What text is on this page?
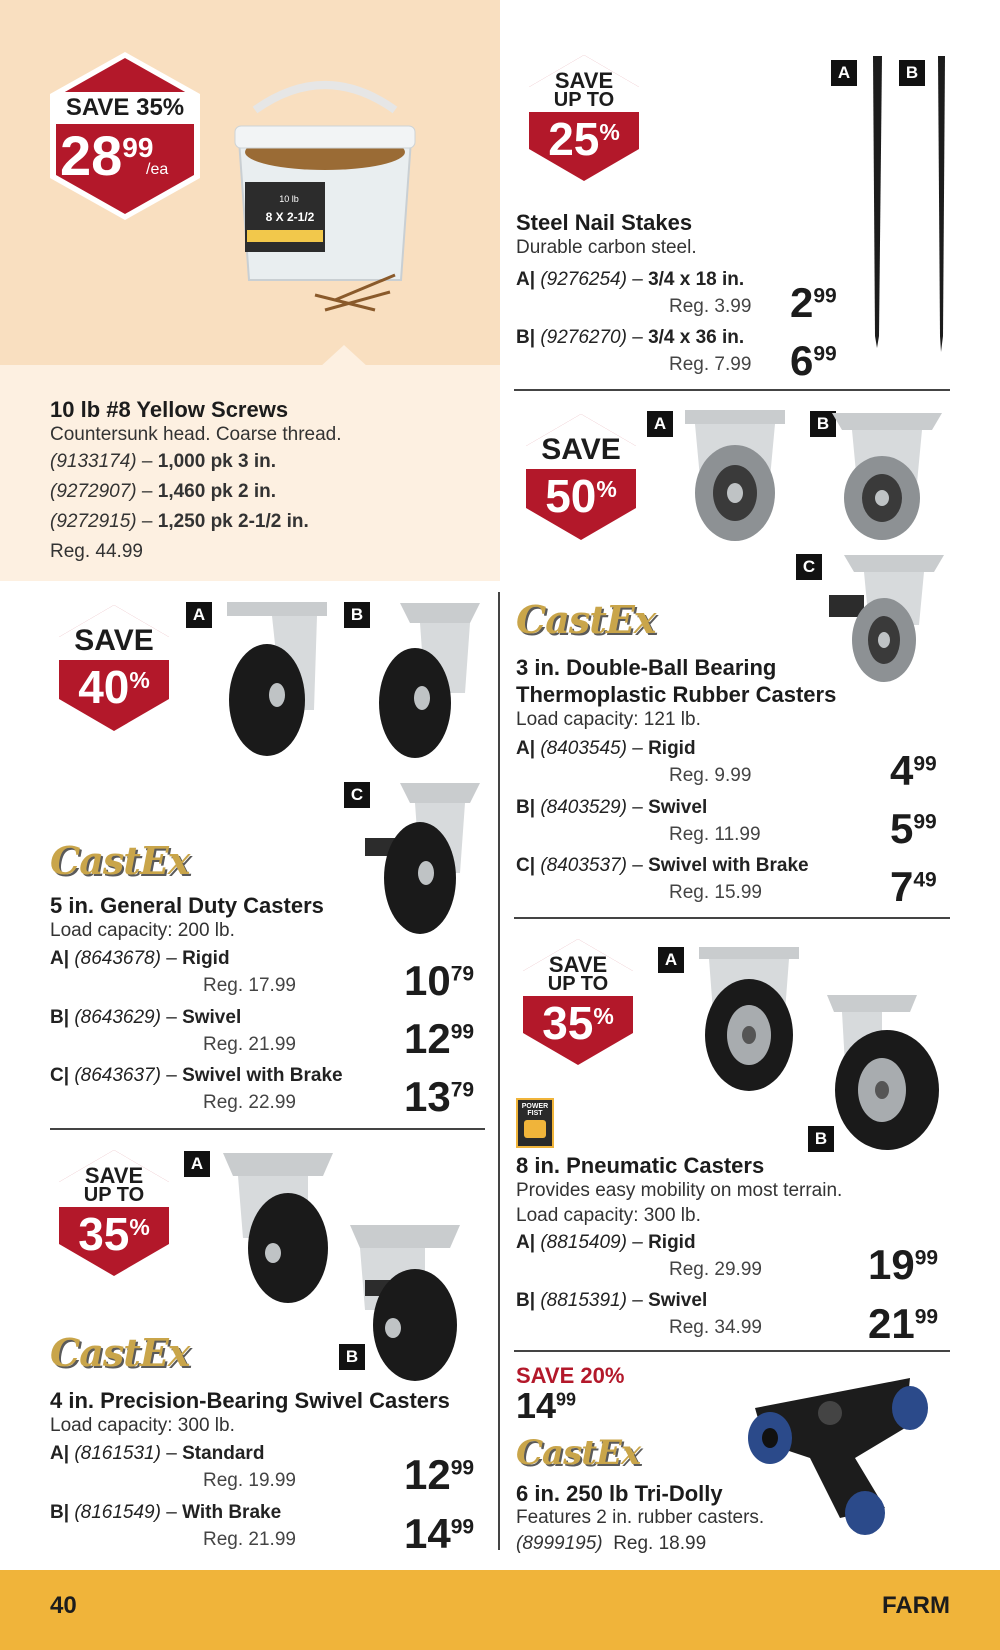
SAVE 35%
$28^{99}$
/ea
10 lb
8 X 2-1/2
10 lb #8 Yellow Screws
Countersunk head. Coarse thread.
(9133174) – 1,000 pk 3 in.
(9272907) – 1,460 pk 2 in.
(9272915) – 1,250 pk 2-1/2 in.
Reg. 44.99
SAVE
UP TO
25%
A	B
Steel Nail Stakes
Durable carbon steel.
A| (9276254) – 3/4 x 18 in.
Reg. 3.99 $2^{99}$
B| (9276270) – 3/4 x 36 in.
Reg. 7.99 $6^{99}$
SAVE
50%
A	B
C
CastEx
3 in. Double-Ball Bearing
Thermoplastic Rubber Casters
Load capacity: 121 lb.
A| (8403545) – Rigid
Reg. 9.99	$4^{99}$
B| (8403529) – Swivel
Reg. 11.99	$5^{99}$
C| (8403537) – Swivel with Brake
Reg. 15.99	$7^{49}$
SAVE
40%
A	B
C
CastEx
5 in. General Duty Casters
Load capacity: 200 lb.
A| (8643678) – Rigid
Reg. 17.99	$10^{79}$
B| (8643629) – Swivel
Reg. 21.99	$12^{99}$
C| (8643637) – Swivel with Brake
Reg. 22.99	$13^{79}$
SAVE
UP TO
35%
A
B
POWER
FIST
8 in. Pneumatic Casters
Provides easy mobility on most terrain.
Load capacity: 300 lb.
A| (8815409) – Rigid
Reg. 29.99	$19^{99}$
B| (8815391) – Swivel
Reg. 34.99	$21^{99}$
SAVE
UP TO
35%
A
B
CastEx
4 in. Precision-Bearing Swivel Casters
Load capacity: 300 lb.
A| (8161531) – Standard
Reg. 19.99	$12^{99}$
B| (8161549) – With Brake
Reg. 21.99	$14^{99}$
SAVE 20%
$14^{99}$
CastEx
6 in. 250 lb Tri-Dolly
Features 2 in. rubber casters.
(8999195) Reg. 18.99
40	FARM
